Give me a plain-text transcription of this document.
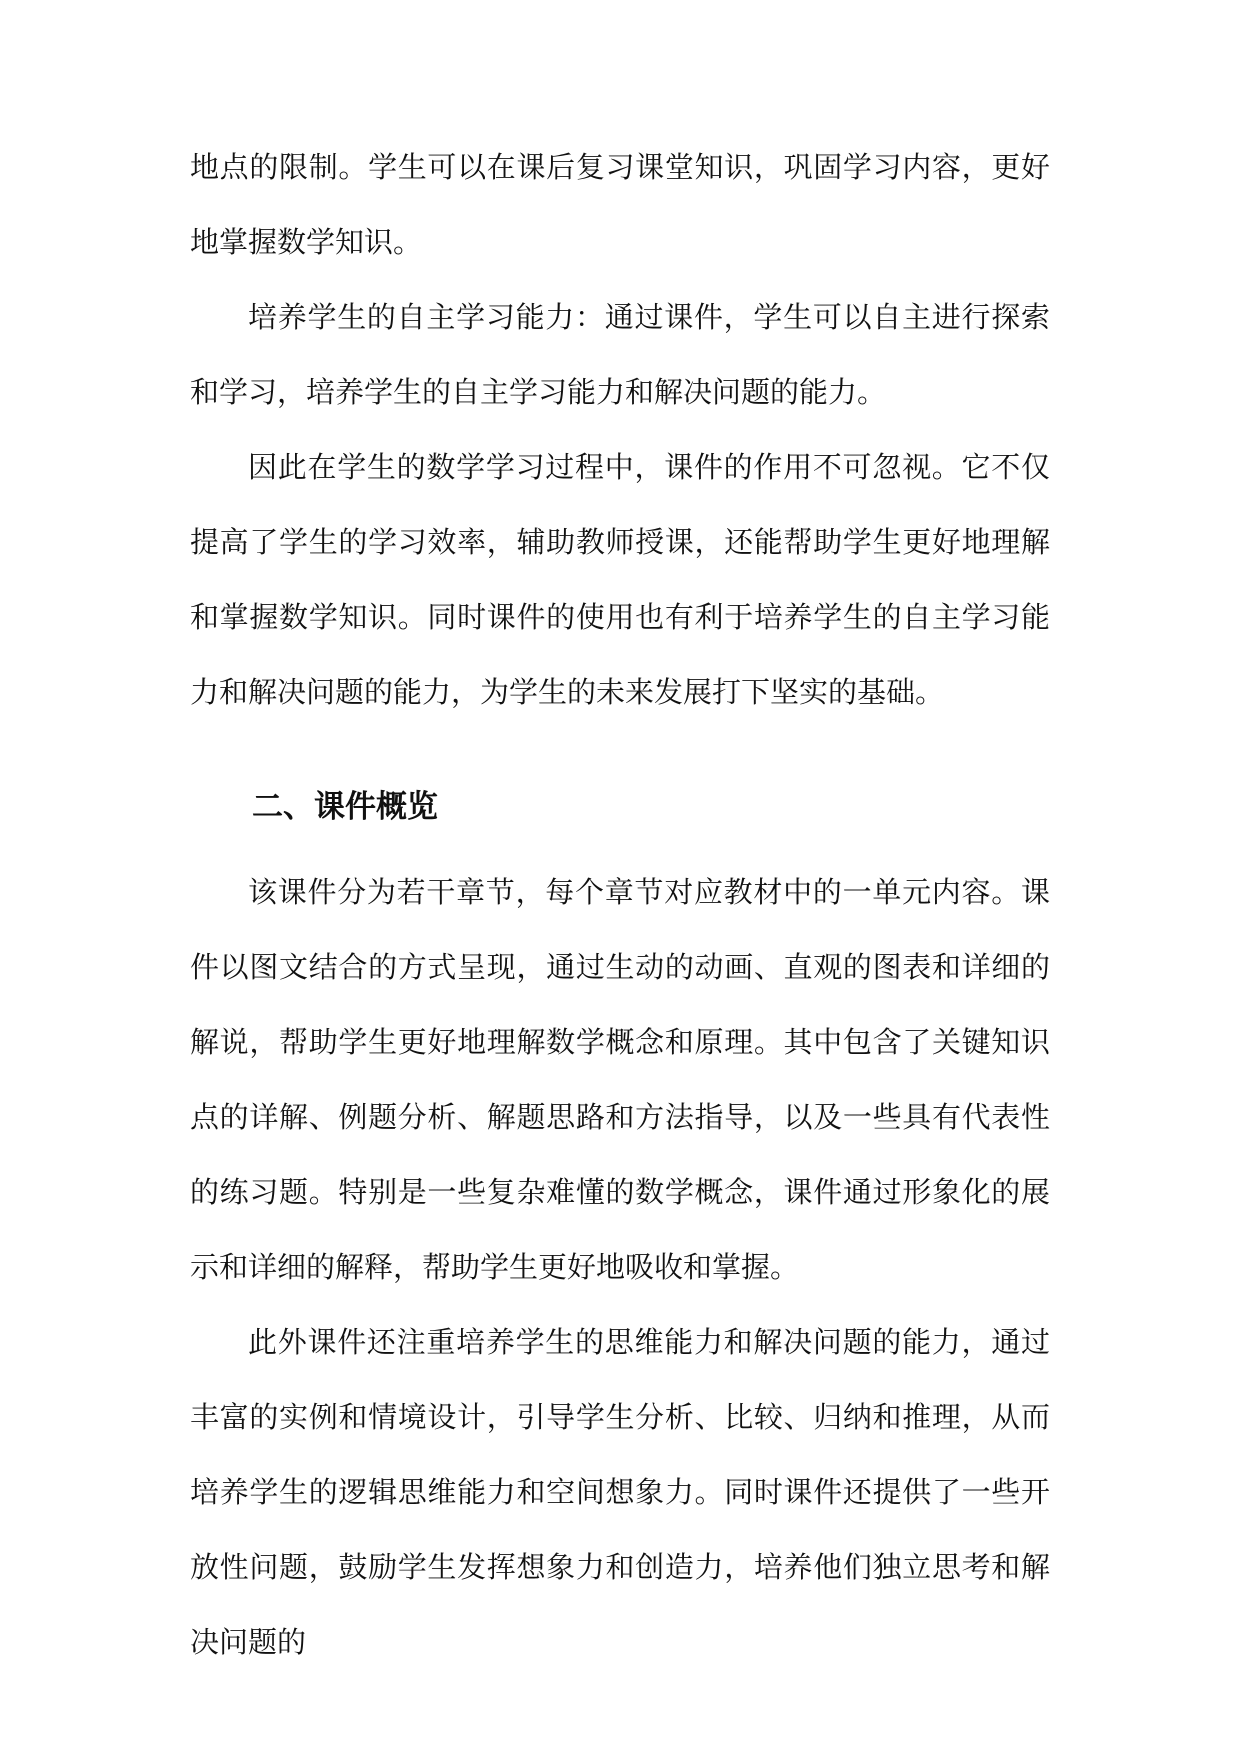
地点的限制。学生可以在课后复习课堂知识，巩固学习内容，更好地掌握数学知识。

培养学生的自主学习能力：通过课件，学生可以自主进行探索和学习，培养学生的自主学习能力和解决问题的能力。

因此在学生的数学学习过程中，课件的作用不可忽视。它不仅提高了学生的学习效率，辅助教师授课，还能帮助学生更好地理解和掌握数学知识。同时课件的使用也有利于培养学生的自主学习能力和解决问题的能力，为学生的未来发展打下坚实的基础。

二、课件概览

该课件分为若干章节，每个章节对应教材中的一单元内容。课件以图文结合的方式呈现，通过生动的动画、直观的图表和详细的解说，帮助学生更好地理解数学概念和原理。其中包含了关键知识点的详解、例题分析、解题思路和方法指导，以及一些具有代表性的练习题。特别是一些复杂难懂的数学概念，课件通过形象化的展示和详细的解释，帮助学生更好地吸收和掌握。

此外课件还注重培养学生的思维能力和解决问题的能力，通过丰富的实例和情境设计，引导学生分析、比较、归纳和推理，从而培养学生的逻辑思维能力和空间想象力。同时课件还提供了一些开放性问题，鼓励学生发挥想象力和创造力，培养他们独立思考和解决问题的
